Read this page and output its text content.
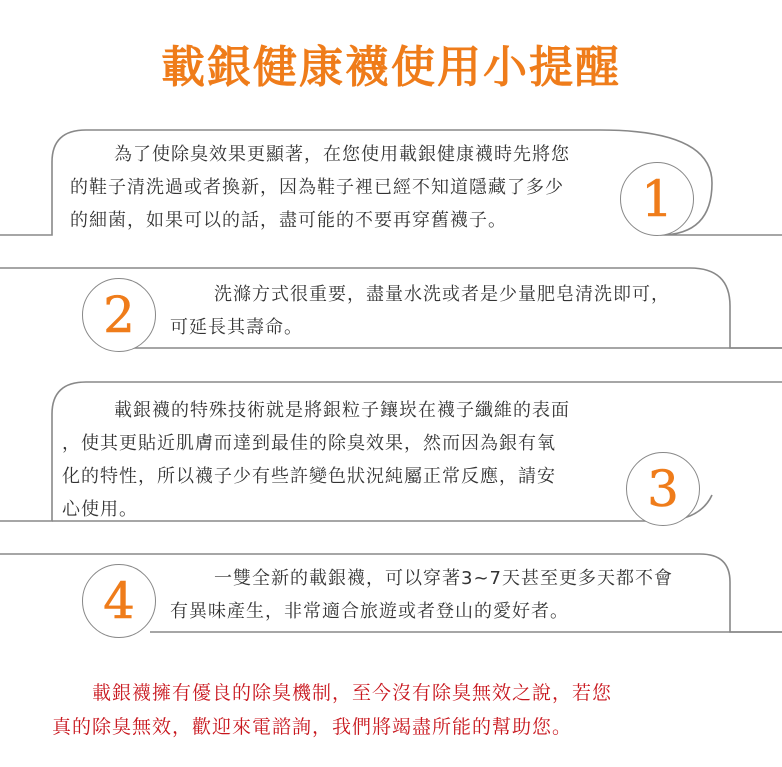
載銀健康襪使用小提醒
為了使除臭效果更顯著，在您使用載銀健康襪時先將您
的鞋子清洗過或者換新，因為鞋子裡已經不知道隱藏了多少
的細菌，如果可以的話，盡可能的不要再穿舊襪子。	1
2	洗滌方式很重要，盡量水洗或者是少量肥皂清洗即可，
可延長其壽命。
載銀襪的特殊技術就是將銀粒子鑲崁在襪子纖維的表面
，使其更貼近肌膚而達到最佳的除臭效果，然而因為銀有氧
化的特性，所以襪子少有些許變色狀況純屬正常反應，請安
心使用。	3
4	一雙全新的載銀襪，可以穿著3~7天甚至更多天都不會
有異味產生，非常適合旅遊或者登山的愛好者。
載銀襪擁有優良的除臭機制，至今沒有除臭無效之說，若您
真的除臭無效，歡迎來電諮詢，我們將竭盡所能的幫助您。
